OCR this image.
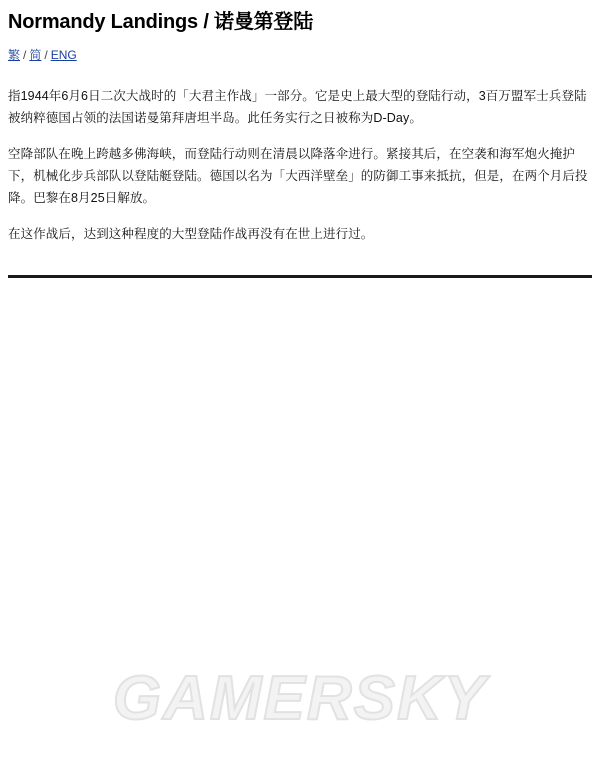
Normandy Landings / 诺曼第登陆
繁 / 简 / ENG

指1944年6月6日二次大战时的「大君主作战」一部分。它是史上最大型的登陆行动，3百万盟军士兵登陆被纳粹德国占领的法国诺曼第拜唐坦半岛。此任务实行之日被称为D-Day。

空降部队在晚上跨越多佛海峡，而登陆行动则在清晨以降落伞进行。紧接其后，在空袭和海军炮火掩护下，机械化步兵部队以登陆艇登陆。德国以名为「大西洋壁垒」的防御工事来抵抗，但是，在两个月后投降。巴黎在8月25日解放。

在这作战后，达到这种程度的大型登陆作战再没有在世上进行过。

GAMERSKY
